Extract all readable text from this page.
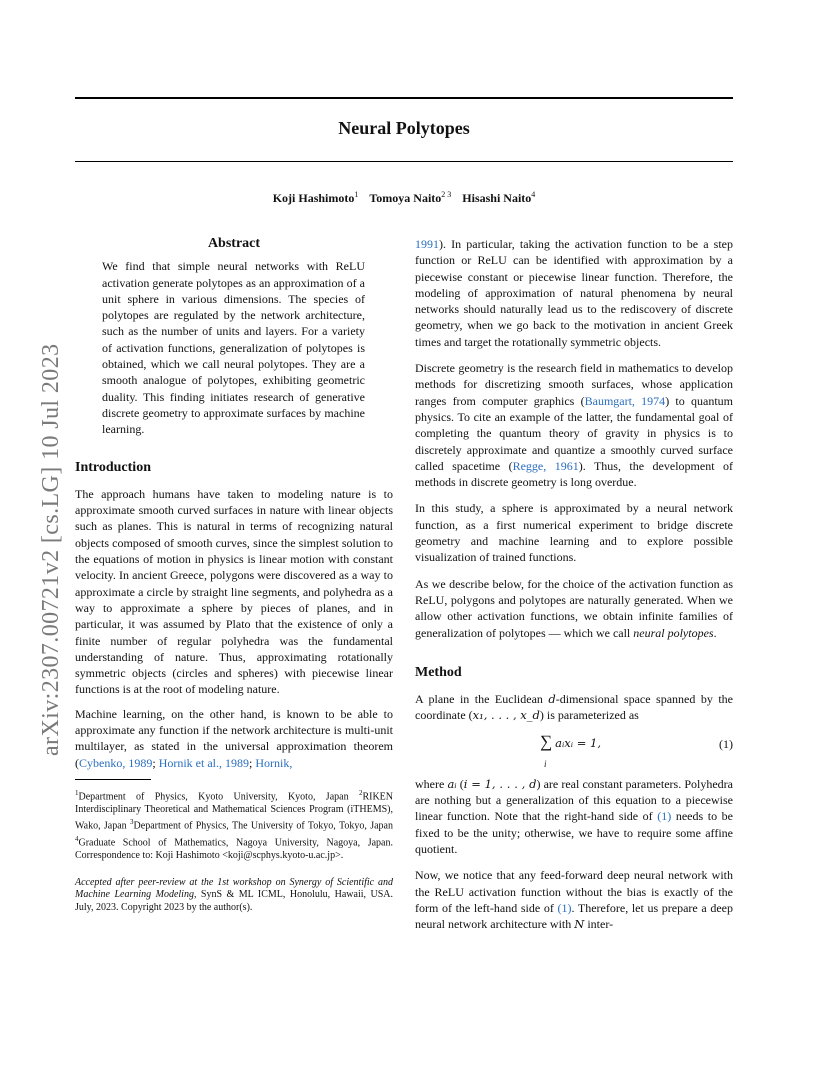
Neural Polytopes
Koji Hashimoto$^1$ Tomoya Naito$^{2 3}$ Hisashi Naito$^4$
arXiv:2307.00721v2 [cs.LG] 10 Jul 2023
Abstract

We find that simple neural networks with ReLU activation generate polytopes as an approximation of a unit sphere in various dimensions. The species of polytopes are regulated by the network architecture, such as the number of units and layers. For a variety of activation functions, generalization of polytopes is obtained, which we call neural polytopes. They are a smooth analogue of polytopes, exhibiting geometric duality. This finding initiates research of generative discrete geometry to approximate surfaces by machine learning.

Introduction

The approach humans have taken to modeling nature is to approximate smooth curved surfaces in nature with linear objects such as planes. This is natural in terms of recognizing natural objects composed of smooth curves, since the simplest solution to the equations of motion in physics is linear motion with constant velocity. In ancient Greece, polygons were discovered as a way to approximate a circle by straight line segments, and polyhedra as a way to approximate a sphere by pieces of planes, and in particular, it was assumed by Plato that the existence of only a finite number of regular polyhedra was the fundamental understanding of nature. Thus, approximating rotationally symmetric objects (circles and spheres) with piecewise linear functions is at the root of modeling nature.

Machine learning, on the other hand, is known to be able to approximate any function if the network architecture is multi-unit multilayer, as stated in the universal approximation theorem (Cybenko, 1989; Hornik et al., 1989; Hornik,

$^1$Department of Physics, Kyoto University, Kyoto, Japan $^2$RIKEN Interdisciplinary Theoretical and Mathematical Sciences Program (iTHEMS), Wako, Japan $^3$Department of Physics, The University of Tokyo, Tokyo, Japan $^4$Graduate School of Mathematics, Nagoya University, Nagoya, Japan. Correspondence to: Koji Hashimoto <koji@scphys.kyoto-u.ac.jp>.
Accepted after peer-review at the 1st workshop on Synergy of Scientific and Machine Learning Modeling, SynS & ML ICML, Honolulu, Hawaii, USA. July, 2023. Copyright 2023 by the author(s).

1991). In particular, taking the activation function to be a step function or ReLU can be identified with approximation by a piecewise constant or piecewise linear function. Therefore, the modeling of approximation of natural phenomena by neural networks should naturally lead us to the rediscovery of discrete geometry, when we go back to the motivation in ancient Greek times and target the rotationally symmetric objects.

Discrete geometry is the research field in mathematics to develop methods for discretizing smooth surfaces, whose application ranges from computer graphics (Baumgart, 1974) to quantum physics. To cite an example of the latter, the fundamental goal of completing the quantum theory of gravity in physics is to discretely approximate and quantize a smoothly curved surface called spacetime (Regge, 1961). Thus, the development of methods in discrete geometry is long overdue.

In this study, a sphere is approximated by a neural network function, as a first numerical experiment to bridge discrete geometry and machine learning and to explore possible visualization of trained functions.

As we describe below, for the choice of the activation function as ReLU, polygons and polytopes are naturally generated. When we allow other activation functions, we obtain infinite families of generalization of polytopes — which we call neural polytopes.

Method

A plane in the Euclidean d-dimensional space spanned by the coordinate (x₁, . . . , x_d) is parameterized as

∑
i
aᵢxᵢ = 1,	(1)

where aᵢ (i = 1, . . . , d) are real constant parameters. Polyhedra are nothing but a generalization of this equation to a piecewise linear function. Note that the right-hand side of (1) needs to be fixed to be the unity; otherwise, we have to require some affine quotient.

Now, we notice that any feed-forward deep neural network with the ReLU activation function without the bias is exactly of the form of the left-hand side of (1). Therefore, let us prepare a deep neural network architecture with N inter-
